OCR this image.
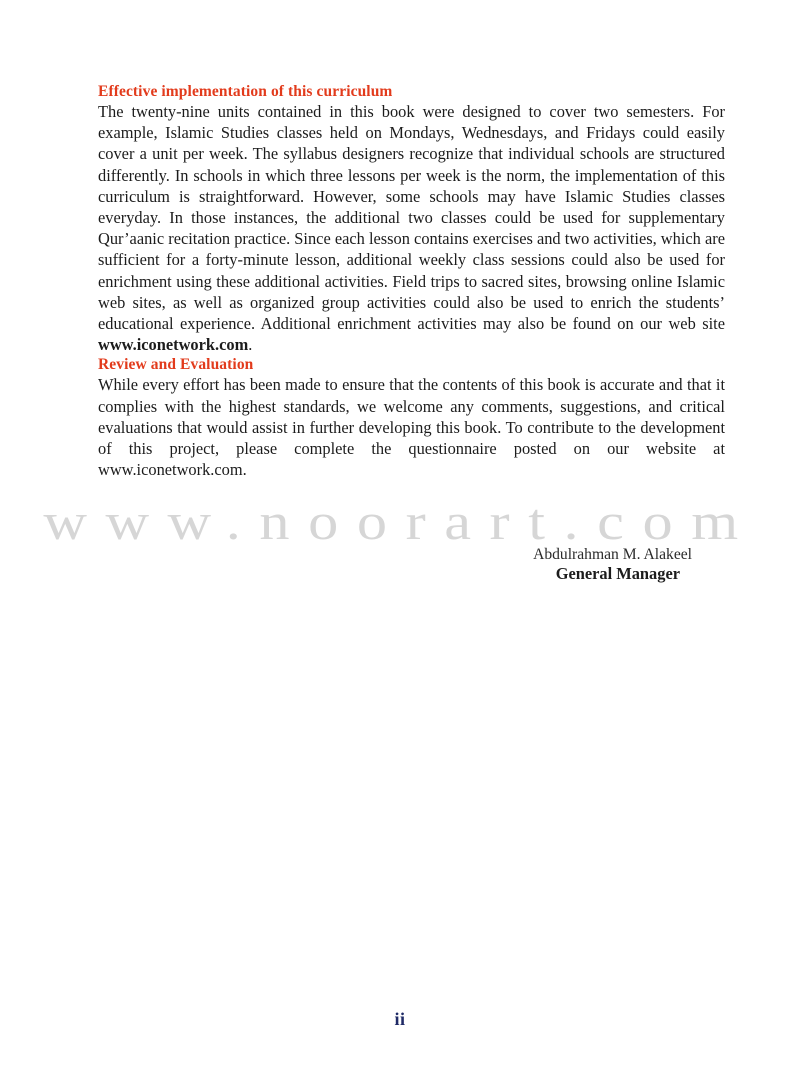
www.noorart.com
Effective implementation of this curriculum

The twenty-nine units contained in this book were designed to cover two semesters. For example, Islamic Studies classes held on Mondays, Wednesdays, and Fridays could easily cover a unit per week. The syllabus designers recognize that individual schools are structured differently. In schools in which three lessons per week is the norm, the implementation of this curriculum is straightforward. However, some schools may have Islamic Studies classes everyday. In those instances, the additional two classes could be used for supplementary Qur’aanic recitation practice. Since each lesson contains exercises and two activities, which are sufficient for a forty-minute lesson, additional weekly class sessions could also be used for enrichment using these additional activities. Field trips to sacred sites, browsing online Islamic web sites, as well as organized group activities could also be used to enrich the students’ educational experience. Additional enrichment activities may also be found on our web site www.iconetwork.com.

Review and Evaluation

While every effort has been made to ensure that the contents of this book is accurate and that it complies with the highest standards, we welcome any comments, suggestions, and critical evaluations that would assist in further developing this book. To contribute to the development of this project, please complete the questionnaire posted on our website at www.iconetwork.com.

Abdulrahman M. Alakeel
General Manager
ii
